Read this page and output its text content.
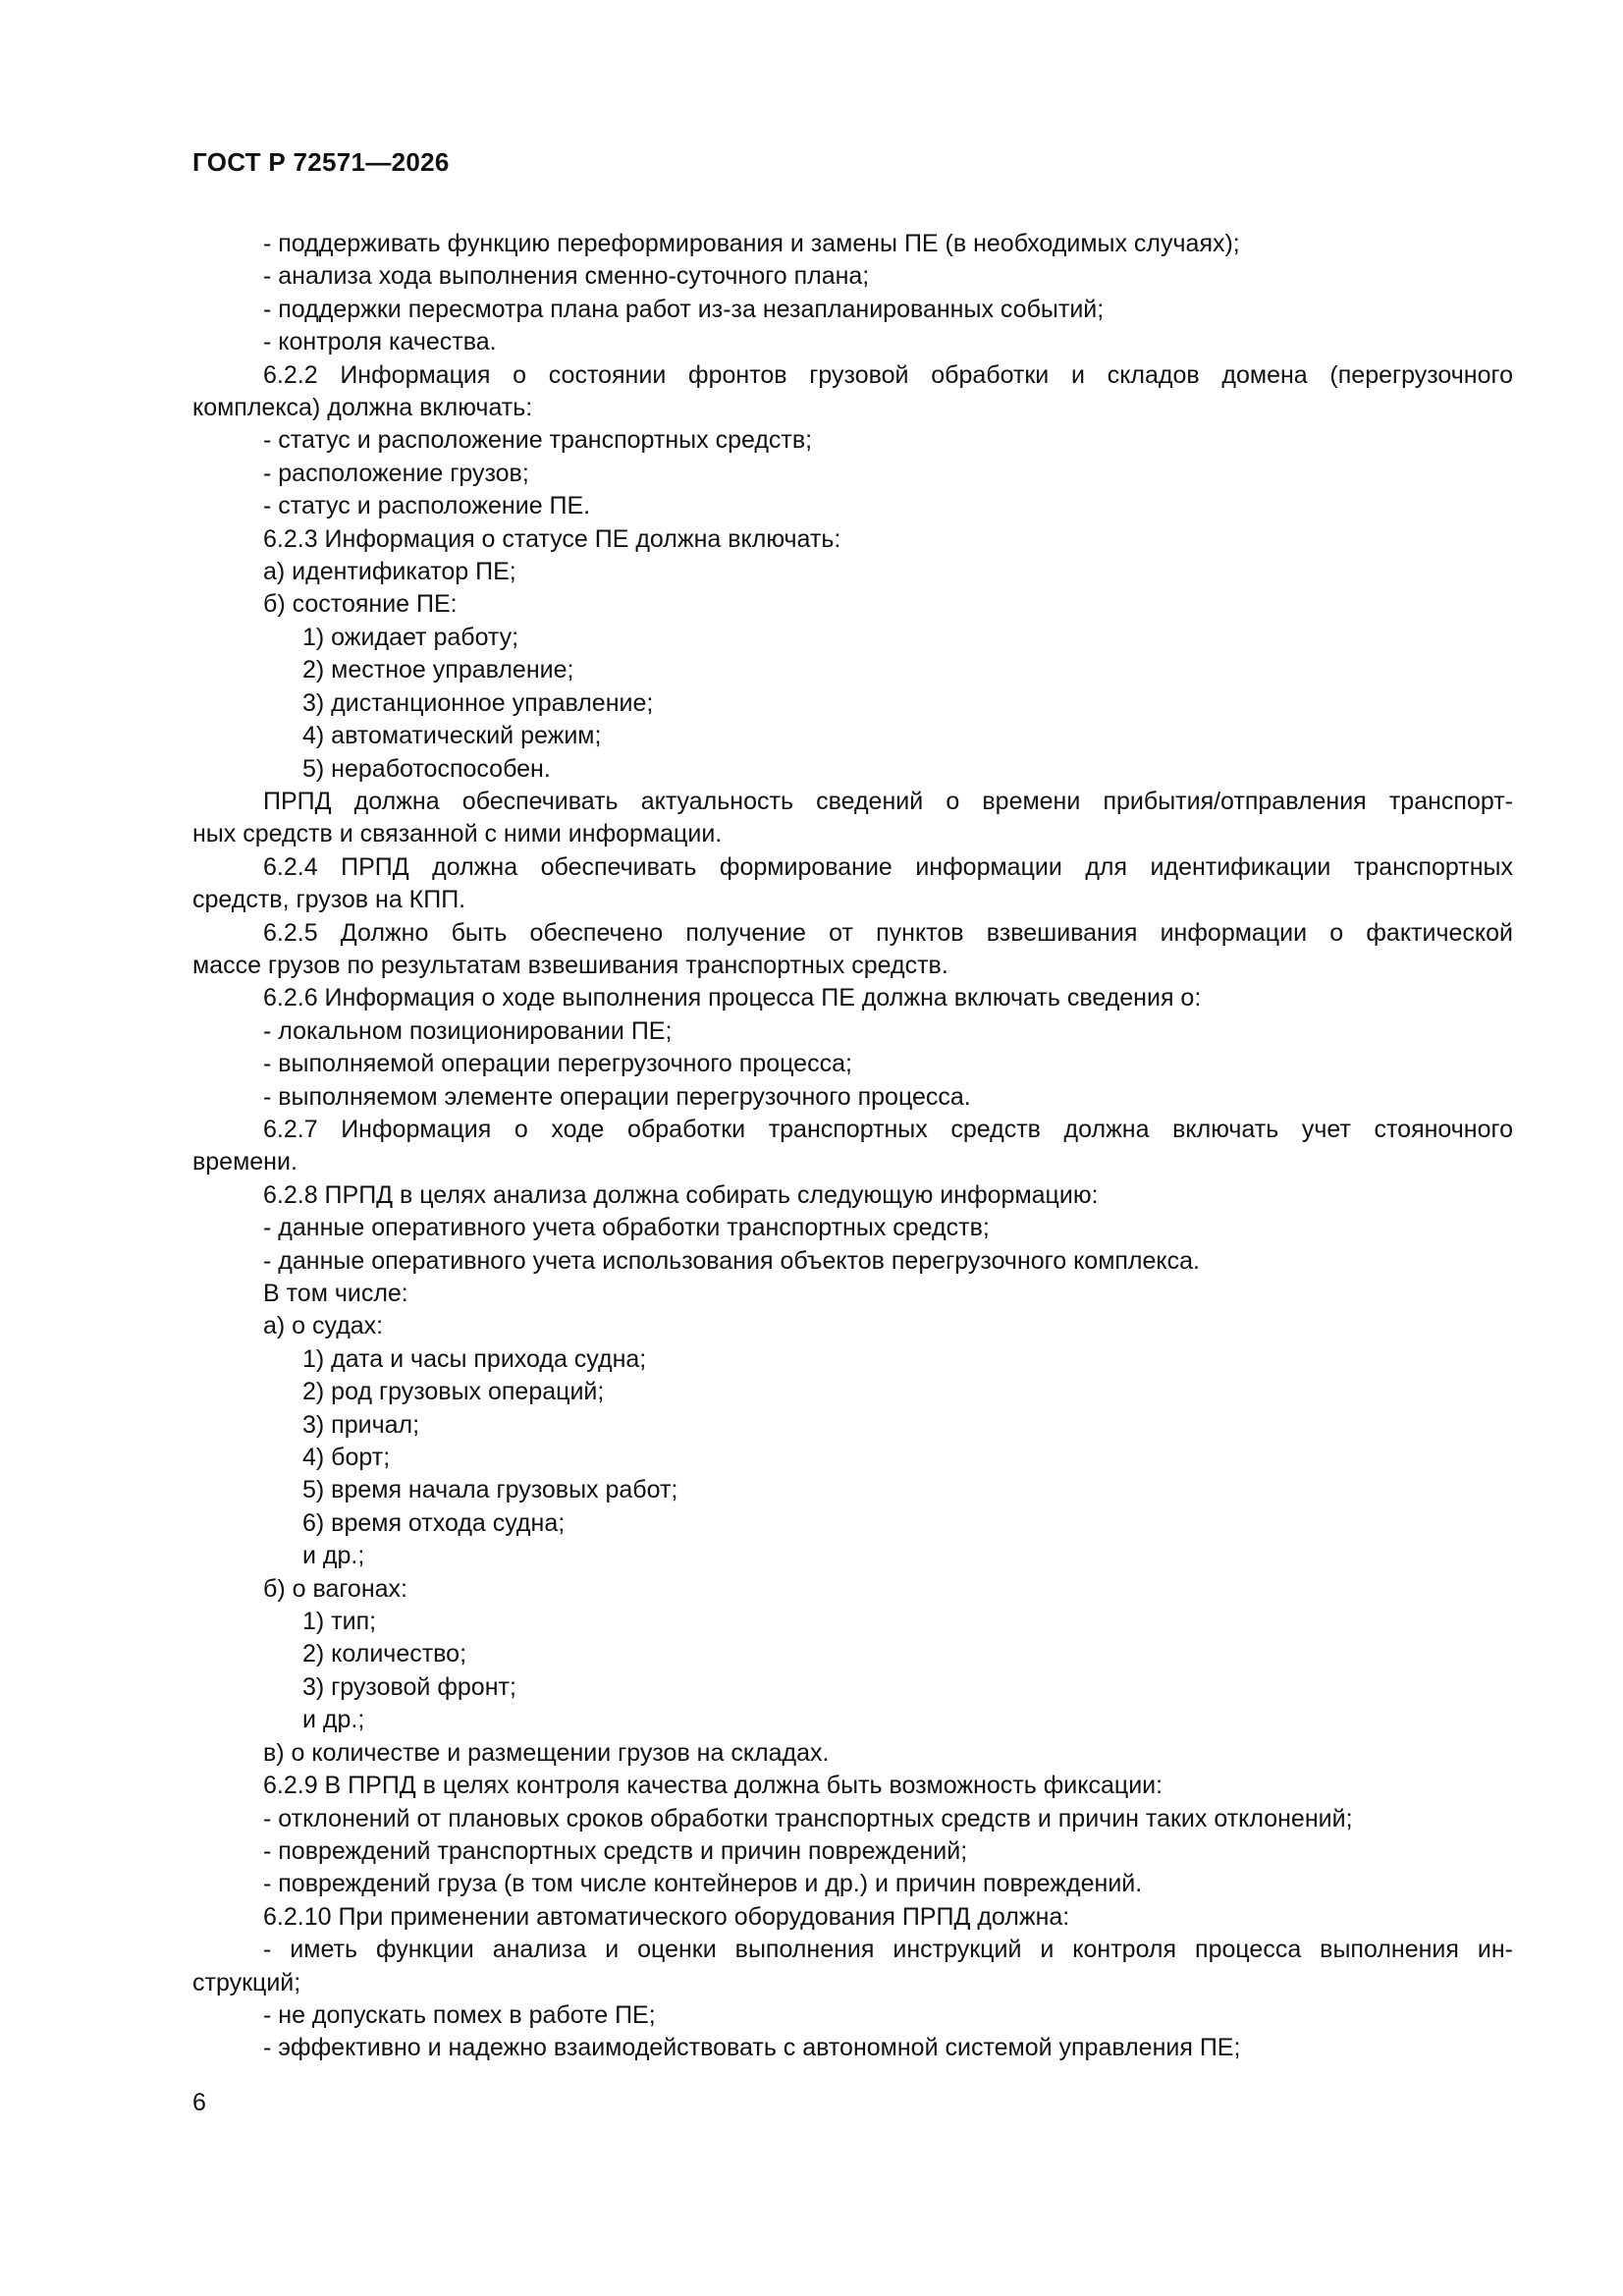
ГОСТ Р 72571—2026
- поддерживать функцию переформирования и замены ПЕ (в необходимых случаях);
- анализа хода выполнения сменно-суточного плана;
- поддержки пересмотра плана работ из-за незапланированных событий;
- контроля качества.
6.2.2 Информация о состоянии фронтов грузовой обработки и складов домена (перегрузочного
комплекса) должна включать:
- статус и расположение транспортных средств;
- расположение грузов;
- статус и расположение ПЕ.
6.2.3 Информация о статусе ПЕ должна включать:
а) идентификатор ПЕ;
б) состояние ПЕ:
1) ожидает работу;
2) местное управление;
3) дистанционное управление;
4) автоматический режим;
5) неработоспособен.
ПРПД должна обеспечивать актуальность сведений о времени прибытия/отправления транспорт-
ных средств и связанной с ними информации.
6.2.4 ПРПД должна обеспечивать формирование информации для идентификации транспортных
средств, грузов на КПП.
6.2.5 Должно быть обеспечено получение от пунктов взвешивания информации о фактической
массе грузов по результатам взвешивания транспортных средств.
6.2.6 Информация о ходе выполнения процесса ПЕ должна включать сведения о:
- локальном позиционировании ПЕ;
- выполняемой операции перегрузочного процесса;
- выполняемом элементе операции перегрузочного процесса.
6.2.7 Информация о ходе обработки транспортных средств должна включать учет стояночного
времени.
6.2.8 ПРПД в целях анализа должна собирать следующую информацию:
- данные оперативного учета обработки транспортных средств;
- данные оперативного учета использования объектов перегрузочного комплекса.
В том числе:
а) о судах:
1) дата и часы прихода судна;
2) род грузовых операций;
3) причал;
4) борт;
5) время начала грузовых работ;
6) время отхода судна;
и др.;
б) о вагонах:
1) тип;
2) количество;
3) грузовой фронт;
и др.;
в) о количестве и размещении грузов на складах.
6.2.9 В ПРПД в целях контроля качества должна быть возможность фиксации:
- отклонений от плановых сроков обработки транспортных средств и причин таких отклонений;
- повреждений транспортных средств и причин повреждений;
- повреждений груза (в том числе контейнеров и др.) и причин повреждений.
6.2.10 При применении автоматического оборудования ПРПД должна:
- иметь функции анализа и оценки выполнения инструкций и контроля процесса выполнения ин-
струкций;
- не допускать помех в работе ПЕ;
- эффективно и надежно взаимодействовать с автономной системой управления ПЕ;
6
